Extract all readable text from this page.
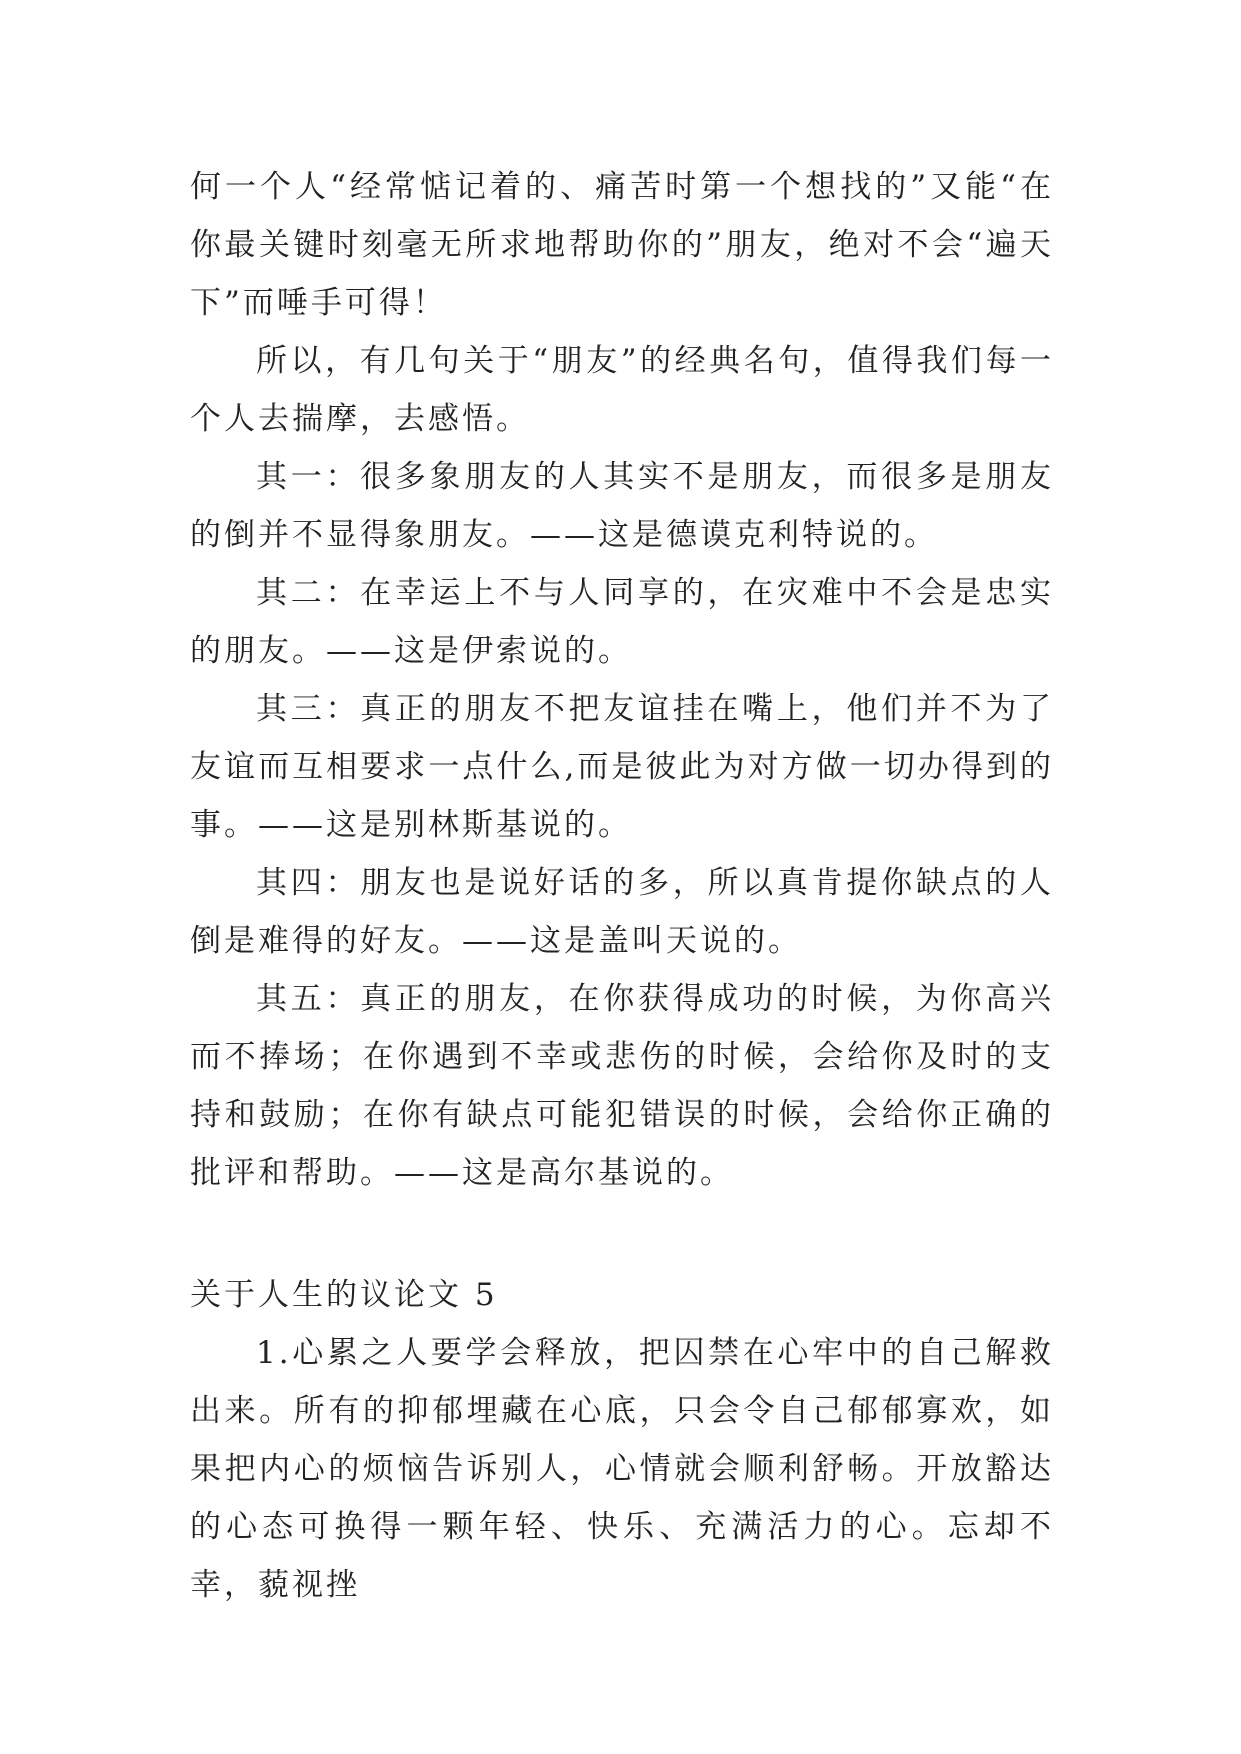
何一个人“经常惦记着的、痛苦时第一个想找的”又能“在你最关键时刻毫无所求地帮助你的”朋友，绝对不会“遍天下”而唾手可得！

所以，有几句关于“朋友”的经典名句，值得我们每一个人去揣摩，去感悟。

其一：很多象朋友的人其实不是朋友，而很多是朋友的倒并不显得象朋友。——这是德谟克利特说的。

其二：在幸运上不与人同享的，在灾难中不会是忠实的朋友。——这是伊索说的。

其三：真正的朋友不把友谊挂在嘴上，他们并不为了友谊而互相要求一点什么,而是彼此为对方做一切办得到的事。——这是别林斯基说的。

其四：朋友也是说好话的多，所以真肯提你缺点的人倒是难得的好友。——这是盖叫天说的。

其五：真正的朋友，在你获得成功的时候，为你高兴而不捧场；在你遇到不幸或悲伤的时候，会给你及时的支持和鼓励；在你有缺点可能犯错误的时候，会给你正确的批评和帮助。——这是高尔基说的。

关于人生的议论文 5

1.心累之人要学会释放，把囚禁在心牢中的自己解救出来。所有的抑郁埋藏在心底，只会令自己郁郁寡欢，如果把内心的烦恼告诉别人，心情就会顺利舒畅。开放豁达的心态可换得一颗年轻、快乐、充满活力的心。忘却不幸，藐视挫
